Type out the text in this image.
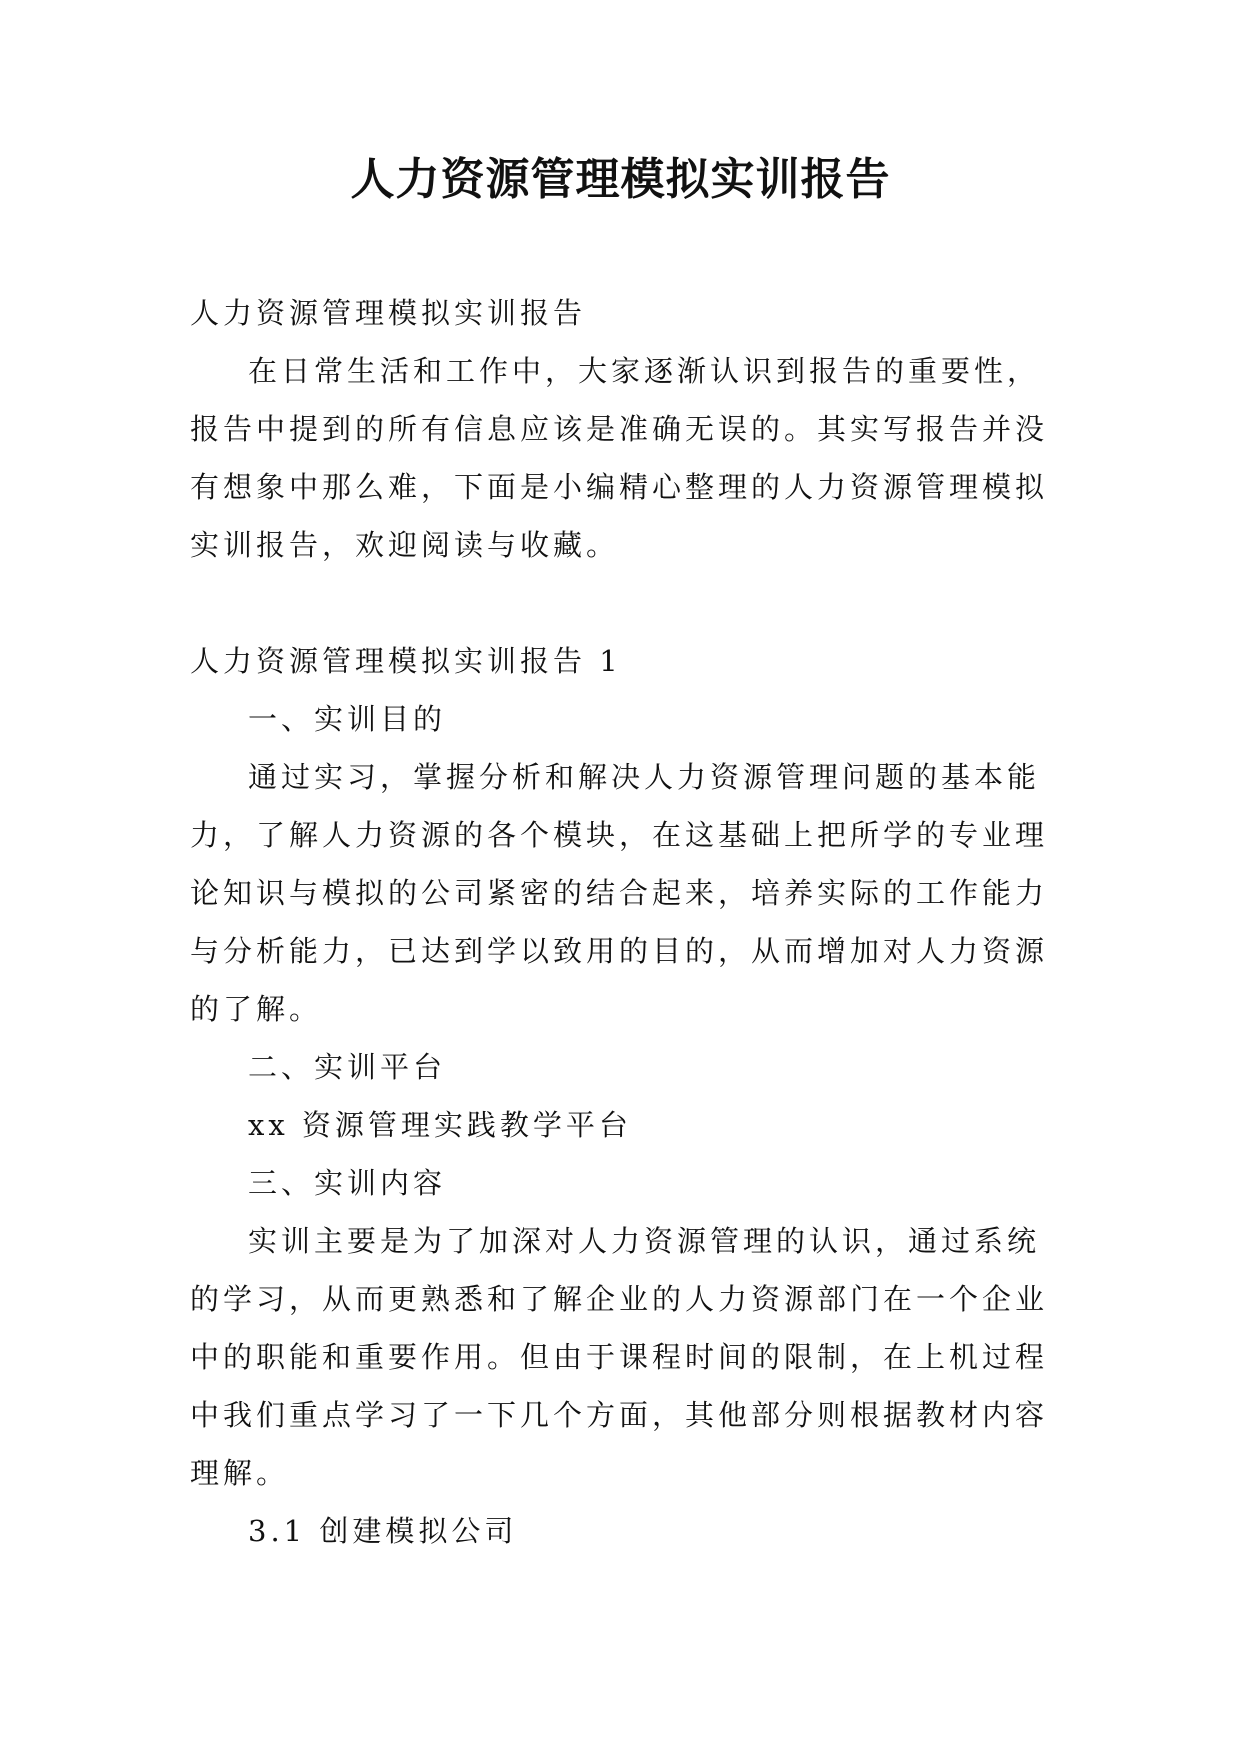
人力资源管理模拟实训报告

人力资源管理模拟实训报告

在日常生活和工作中，大家逐渐认识到报告的重要性，报告中提到的所有信息应该是准确无误的。其实写报告并没有想象中那么难，下面是小编精心整理的人力资源管理模拟实训报告，欢迎阅读与收藏。

人力资源管理模拟实训报告 1

一、实训目的

通过实习，掌握分析和解决人力资源管理问题的基本能力，了解人力资源的各个模块，在这基础上把所学的专业理论知识与模拟的公司紧密的结合起来，培养实际的工作能力与分析能力，已达到学以致用的目的，从而增加对人力资源的了解。

二、实训平台

xx 资源管理实践教学平台

三、实训内容

实训主要是为了加深对人力资源管理的认识，通过系统的学习，从而更熟悉和了解企业的人力资源部门在一个企业中的职能和重要作用。但由于课程时间的限制，在上机过程中我们重点学习了一下几个方面，其他部分则根据教材内容理解。

3.1 创建模拟公司
